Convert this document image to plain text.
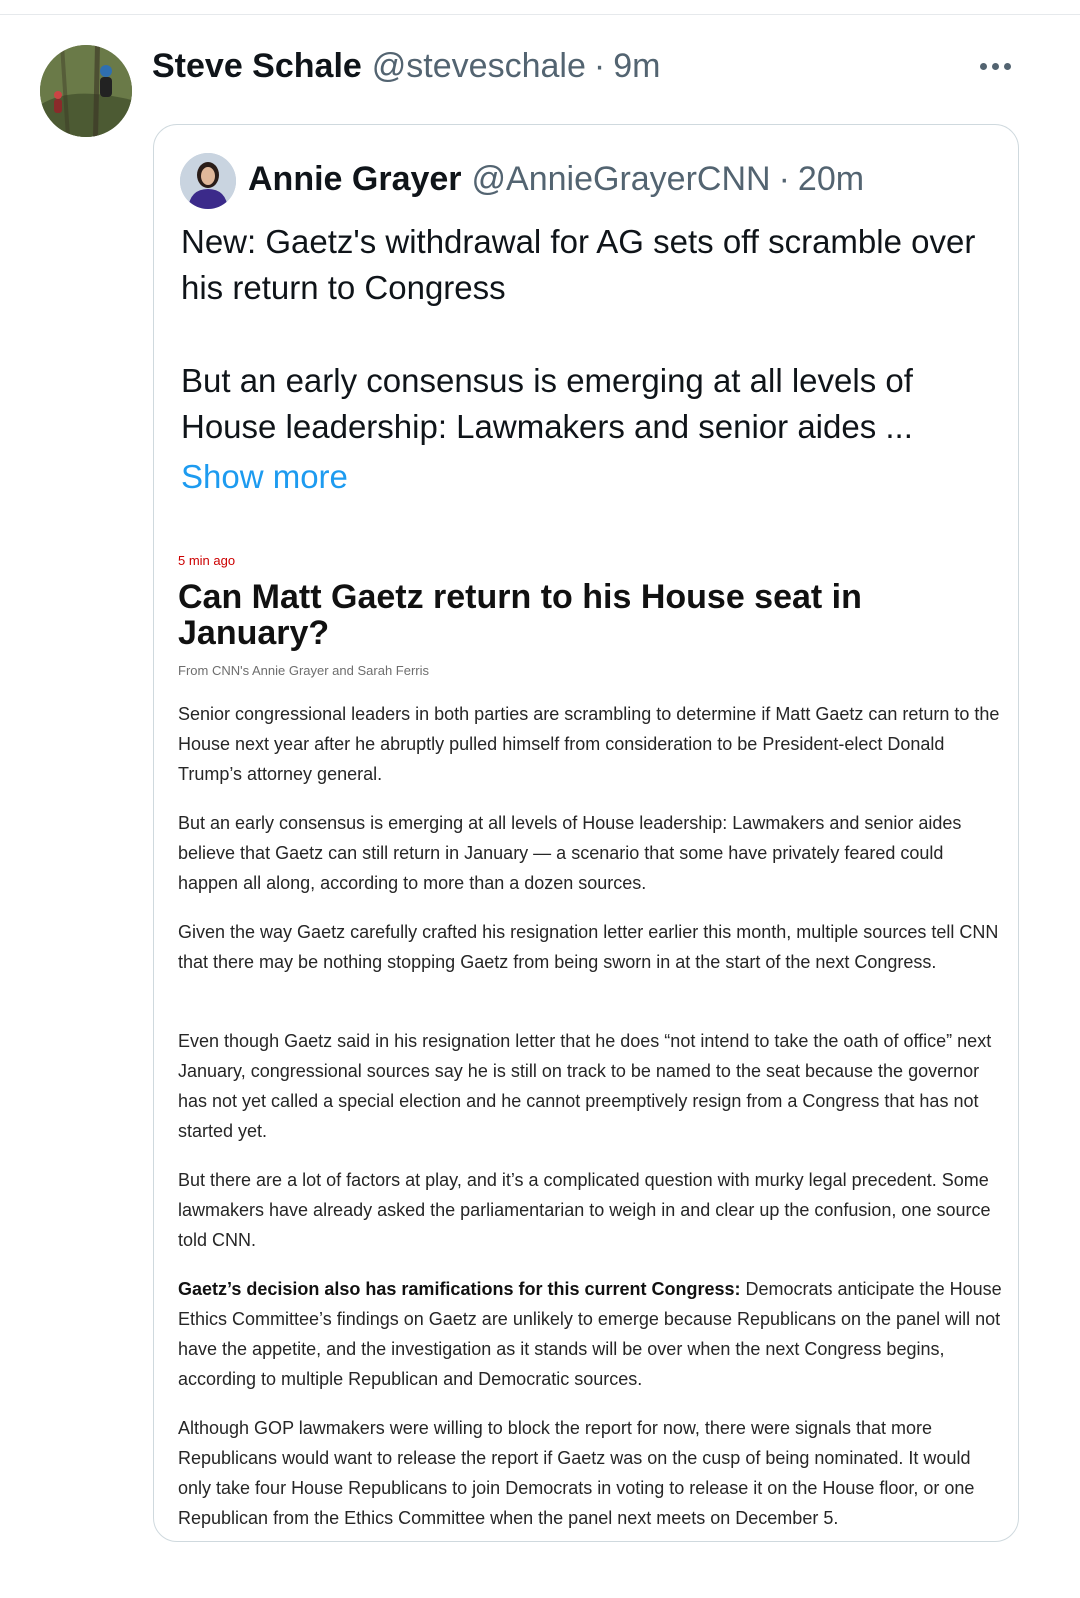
Steve Schale @steveschale · 9m
Annie Grayer @AnnieGrayerCNN · 20m
New: Gaetz's withdrawal for AG sets off scramble over his return to Congress
But an early consensus is emerging at all levels of House leadership: Lawmakers and senior aides ...
Show more
5 min ago
Can Matt Gaetz return to his House seat in January?
From CNN's Annie Grayer and Sarah Ferris
Senior congressional leaders in both parties are scrambling to determine if Matt Gaetz can return to the House next year after he abruptly pulled himself from consideration to be President-elect Donald Trump’s attorney general.
But an early consensus is emerging at all levels of House leadership: Lawmakers and senior aides believe that Gaetz can still return in January — a scenario that some have privately feared could happen all along, according to more than a dozen sources.
Given the way Gaetz carefully crafted his resignation letter earlier this month, multiple sources tell CNN that there may be nothing stopping Gaetz from being sworn in at the start of the next Congress.
Even though Gaetz said in his resignation letter that he does “not intend to take the oath of office” next January, congressional sources say he is still on track to be named to the seat because the governor has not yet called a special election and he cannot preemptively resign from a Congress that has not started yet.
But there are a lot of factors at play, and it’s a complicated question with murky legal precedent. Some lawmakers have already asked the parliamentarian to weigh in and clear up the confusion, one source told CNN.
Gaetz’s decision also has ramifications for this current Congress: Democrats anticipate the House Ethics Committee’s findings on Gaetz are unlikely to emerge because Republicans on the panel will not have the appetite, and the investigation as it stands will be over when the next Congress begins, according to multiple Republican and Democratic sources.
Although GOP lawmakers were willing to block the report for now, there were signals that more Republicans would want to release the report if Gaetz was on the cusp of being nominated. It would only take four House Republicans to join Democrats in voting to release it on the House floor, or one Republican from the Ethics Committee when the panel next meets on December 5.
